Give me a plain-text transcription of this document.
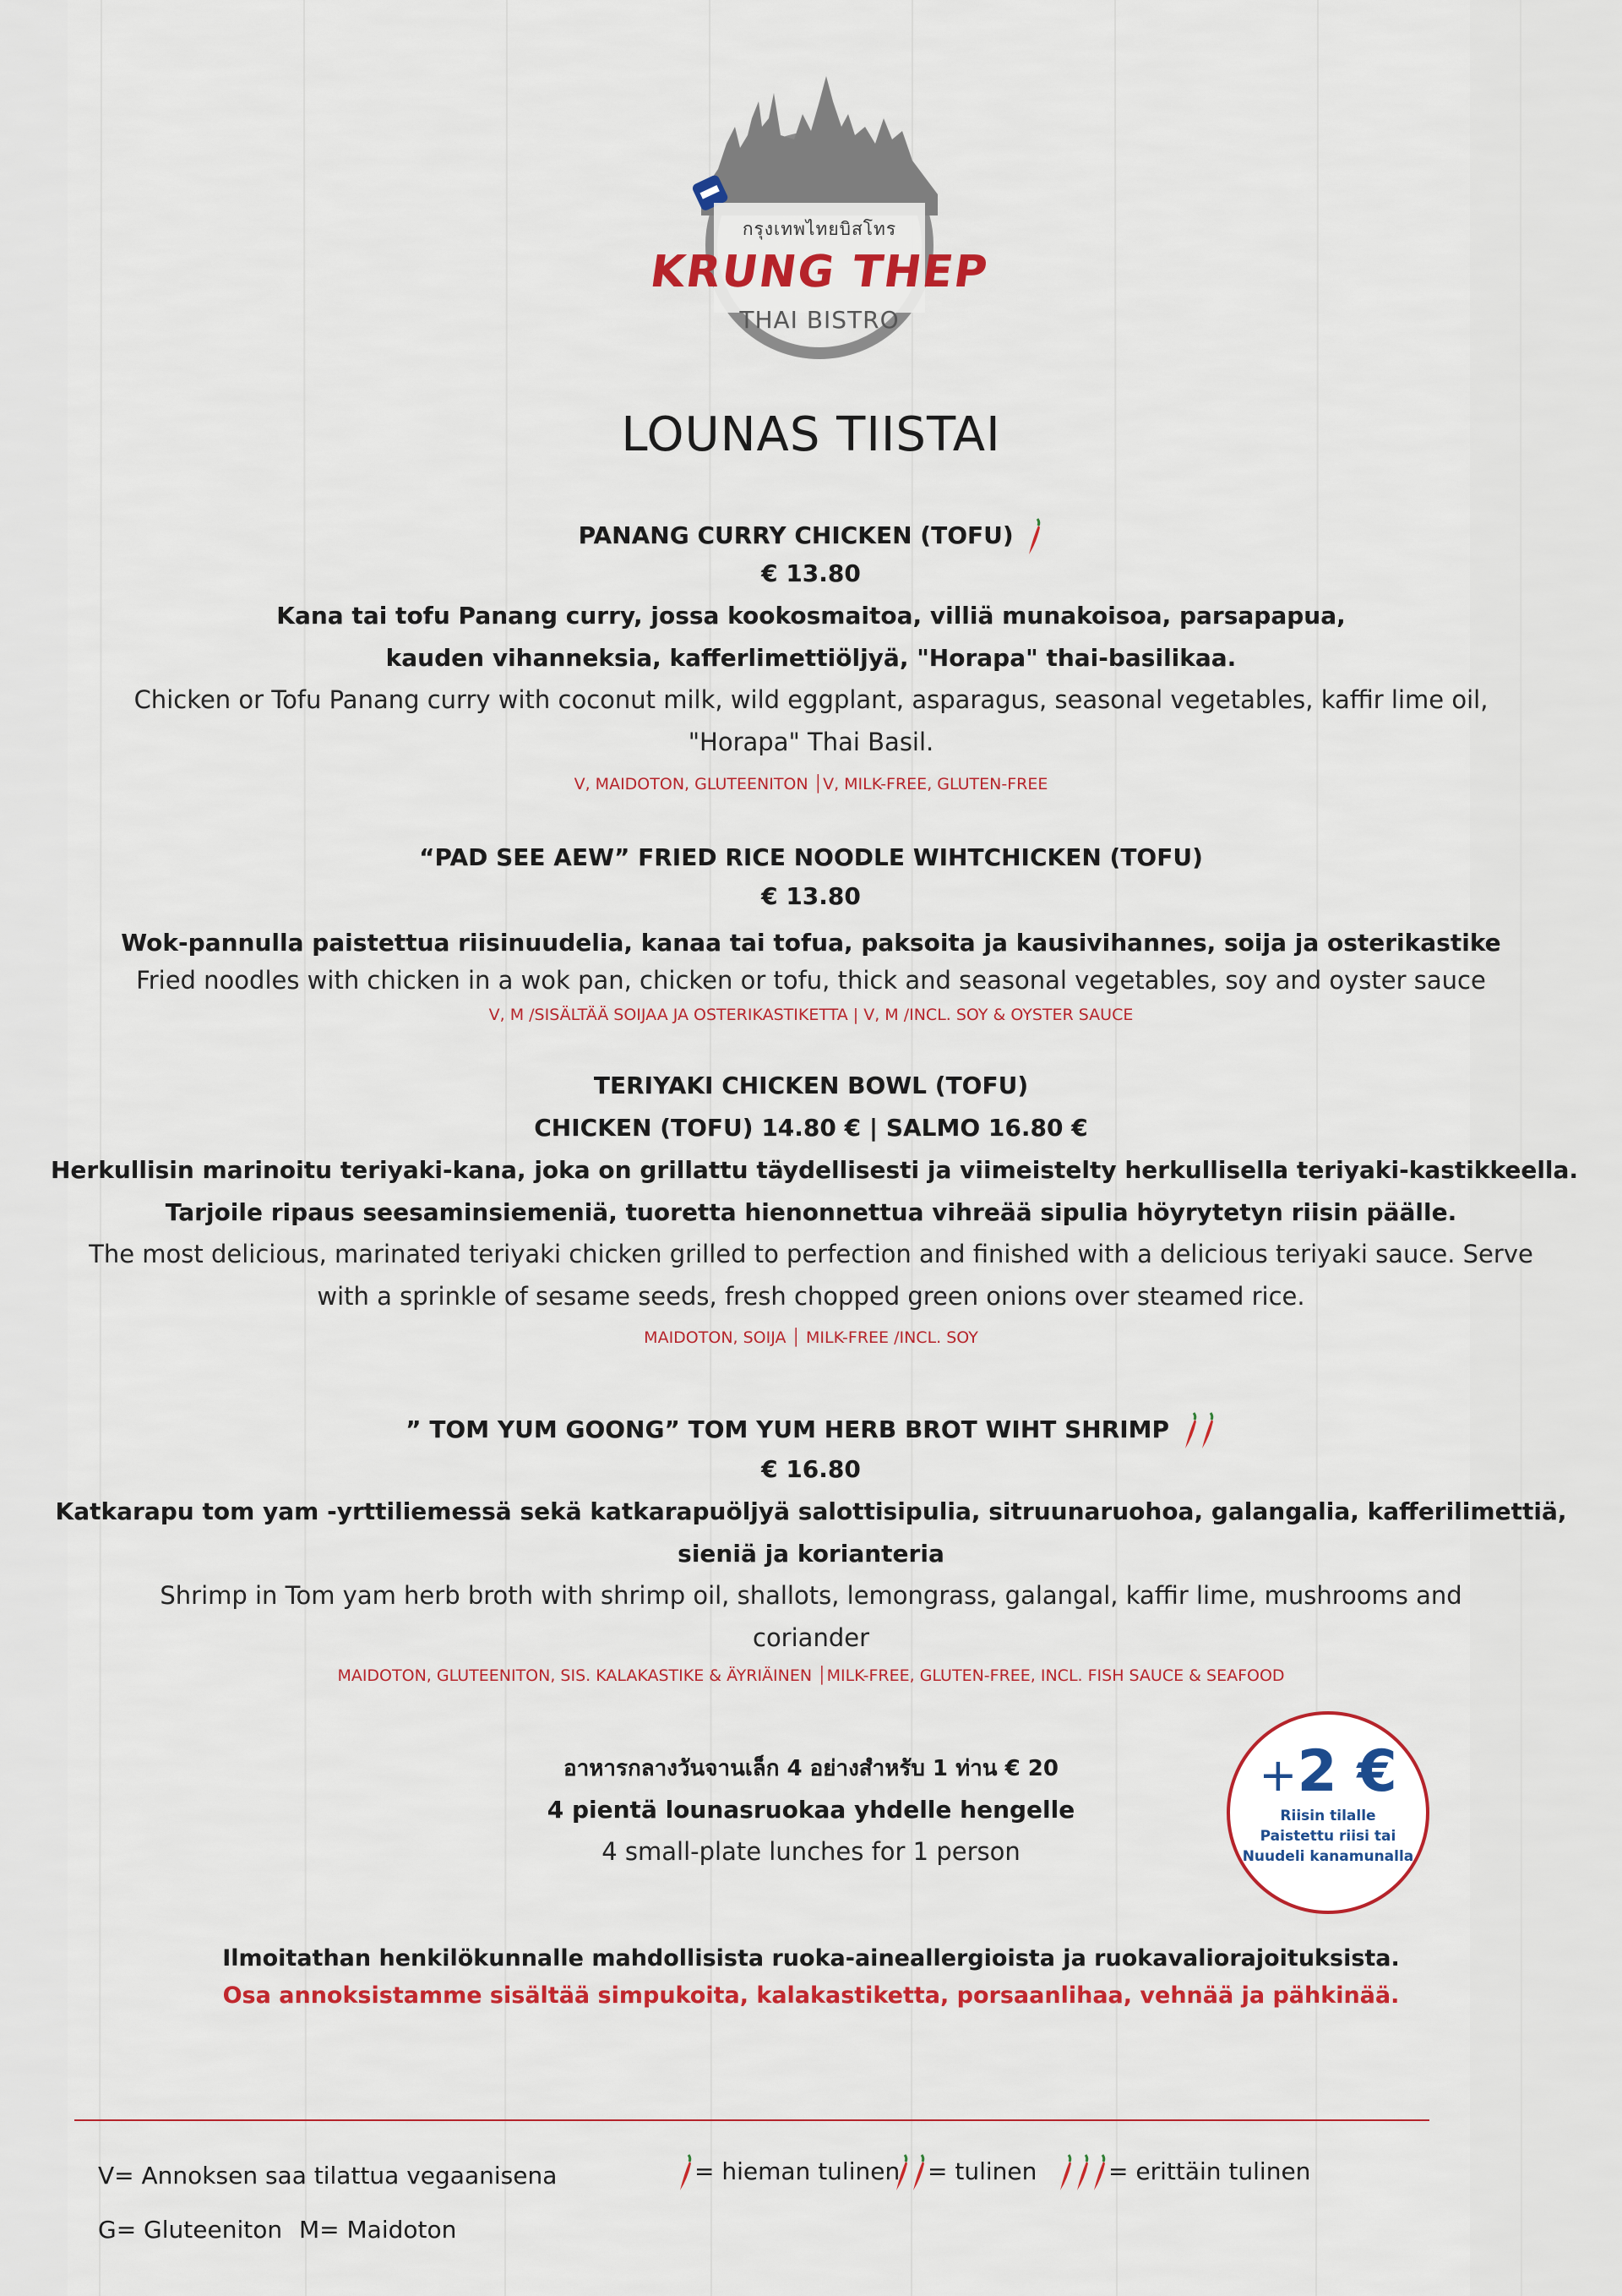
กรุงเทพไทยบิสโทร
KRUNG THEP
THAI BISTRO
LOUNAS TIISTAI
PANANG CURRY CHICKEN (TOFU)
€ 13.80
Kana tai tofu Panang curry, jossa kookosmaitoa, villiä munakoisoa, parsapapua,
kauden vihanneksia, kafferlimettiöljyä, "Horapa" thai-basilikaa.
Chicken or Tofu Panang curry with coconut milk, wild eggplant, asparagus, seasonal vegetables, kaffir lime oil,
"Horapa" Thai Basil.
V, MAIDOTON, GLUTEENITON │V, MILK-FREE, GLUTEN-FREE
“PAD SEE AEW” FRIED RICE NOODLE WIHTCHICKEN (TOFU)
€ 13.80
Wok-pannulla paistettua riisinuudelia, kanaa tai tofua, paksoita ja kausivihannes, soija ja osterikastike
Fried noodles with chicken in a wok pan, chicken or tofu, thick and seasonal vegetables, soy and oyster sauce
V, M /SISÄLTÄÄ SOIJAA JA OSTERIKASTIKETTA | V, M /INCL. SOY & OYSTER SAUCE
TERIYAKI CHICKEN BOWL (TOFU)
CHICKEN (TOFU) 14.80 € | SALMO 16.80 €
Herkullisin marinoitu teriyaki-kana, joka on grillattu täydellisesti ja viimeistelty herkullisella teriyaki-kastikkeella.
Tarjoile ripaus seesaminsiemeniä, tuoretta hienonnettua vihreää sipulia höyrytetyn riisin päälle.
The most delicious, marinated teriyaki chicken grilled to perfection and finished with a delicious teriyaki sauce. Serve
with a sprinkle of sesame seeds, fresh chopped green onions over steamed rice.
MAIDOTON, SOIJA │ MILK-FREE /INCL. SOY
” TOM YUM GOONG” TOM YUM HERB BROT WIHT SHRIMP
€ 16.80
Katkarapu tom yam -yrttiliemessä sekä katkarapuöljyä salottisipulia, sitruunaruohoa, galangalia, kafferilimettiä,
sieniä ja korianteria
Shrimp in Tom yam herb broth with shrimp oil, shallots, lemongrass, galangal, kaffir lime, mushrooms and
coriander
MAIDOTON, GLUTEENITON, SIS. KALAKASTIKE & ÄYRIÄINEN │MILK-FREE, GLUTEN-FREE, INCL. FISH SAUCE & SEAFOOD
อาหารกลางวันจานเล็ก 4 อย่างสำหรับ 1 ท่าน € 20
4 pientä lounasruokaa yhdelle hengelle
4 small-plate lunches for 1 person
+2 €
Riisin tilalle
Paistettu riisi tai
Nuudeli kanamunalla
Ilmoitathan henkilökunnalle mahdollisista ruoka-aineallergioista ja ruokavaliorajoituksista.
Osa annoksistamme sisältää simpukoita, kalakastiketta, porsaanlihaa, vehnää ja pähkinää.
V= Annoksen saa tilattua vegaanisena	= hieman tulinen	= tulinen	= erittäin tulinen
G= Gluteeniton M= Maidoton
